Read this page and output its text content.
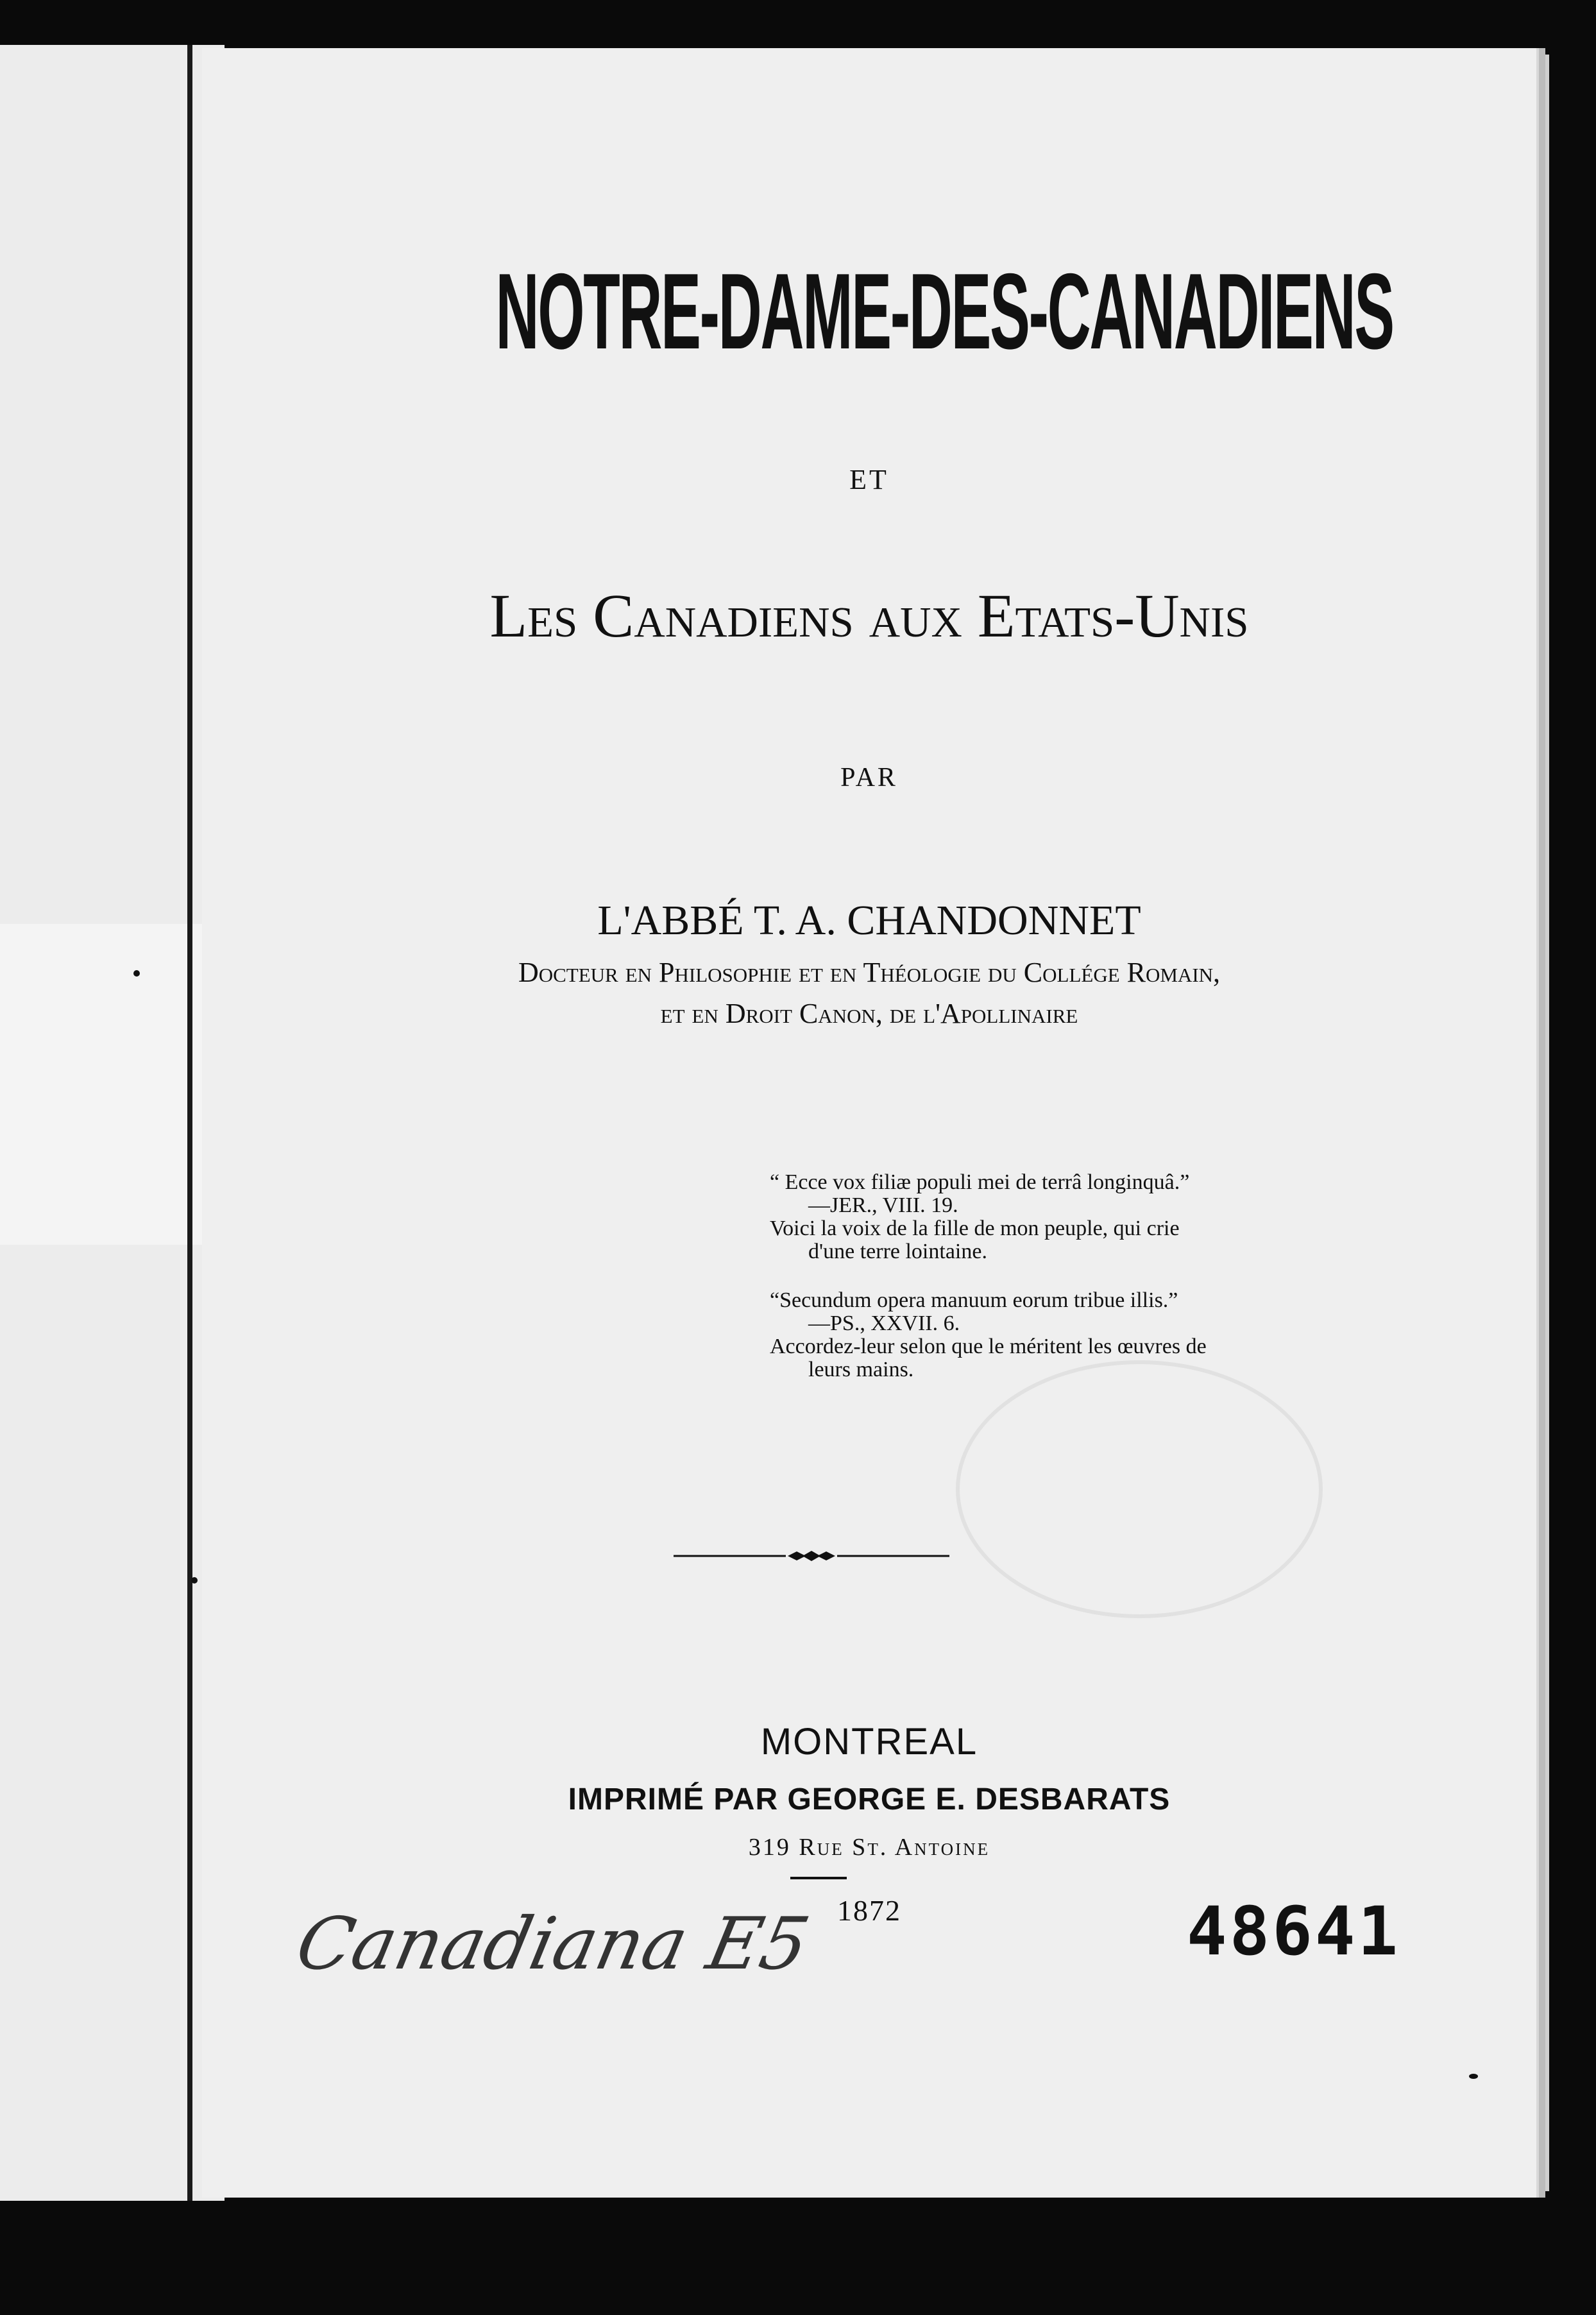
NOTRE-DAME-DES-CANADIENS
ET
Les Canadiens aux Etats-Unis
PAR
L'ABBÉ T. A. CHANDONNET
Docteur en Philosophie et en Théologie du Collége Romain,
et en Droit Canon, de l'Apollinaire
“ Ecce vox filiæ populi mei de terrâ longinquâ.”
—JER., VIII. 19.
Voici la voix de la fille de mon peuple, qui crie
d'une terre lointaine.
“Secundum opera manuum eorum tribue illis.”
—PS., XXVII. 6.
Accordez-leur selon que le méritent les œuvres de
leurs mains.
MONTREAL
IMPRIMÉ PAR GEORGE E. DESBARATS
319 Rue St. Antoine
1872
Canadiana E5	48641
